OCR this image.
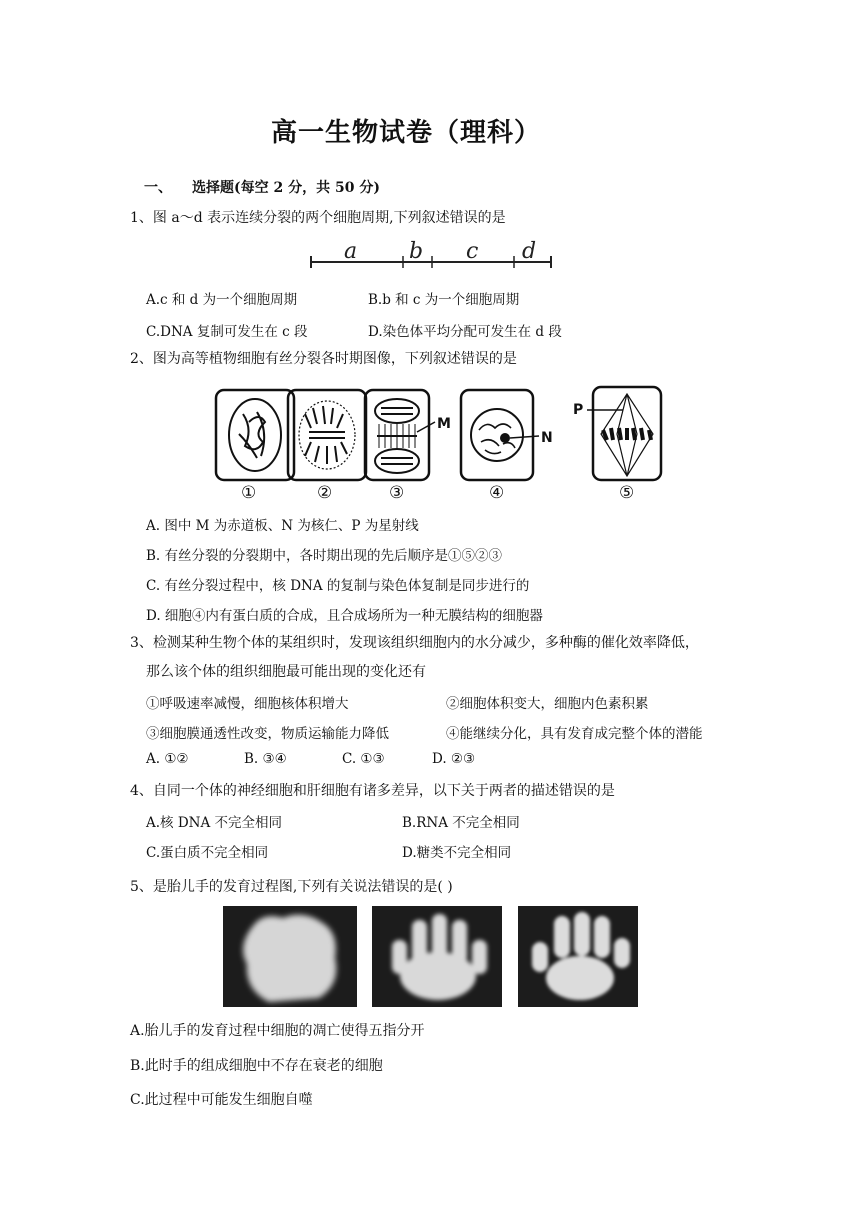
高一生物试卷（理科）
一、 选择题(每空 2 分，共 50 分)
1、图 a～d 表示连续分裂的两个细胞周期,下列叙述错误的是
a b c d
A.c 和 d 为一个细胞周期	B.b 和 c 为一个细胞周期
C.DNA 复制可发生在 c 段	D.染色体平均分配可发生在 d 段
2、图为高等植物细胞有丝分裂各时期图像，下列叙述错误的是
M
N
P
①	②	③	④	⑤
A. 图中 M 为赤道板、N 为核仁、P 为星射线
B. 有丝分裂的分裂期中，各时期出现的先后顺序是①⑤②③
C. 有丝分裂过程中，核 DNA 的复制与染色体复制是同步进行的
D. 细胞④内有蛋白质的合成，且合成场所为一种无膜结构的细胞器
3、检测某种生物个体的某组织时，发现该组织细胞内的水分减少，多种酶的催化效率降低，
那么该个体的组织细胞最可能出现的变化还有
①呼吸速率减慢，细胞核体积增大	②细胞体积变大，细胞内色素积累
③细胞膜通透性改变，物质运输能力降低	④能继续分化，具有发育成完整个体的潜能
A. ①②	B. ③④	C. ①③	D. ②③
4、自同一个体的神经细胞和肝细胞有诸多差异，以下关于两者的描述错误的是
A.核 DNA 不完全相同	B.RNA 不完全相同
C.蛋白质不完全相同	D.糖类不完全相同
5、是胎儿手的发育过程图,下列有关说法错误的是( )
A.胎儿手的发育过程中细胞的凋亡使得五指分开
B.此时手的组成细胞中不存在衰老的细胞
C.此过程中可能发生细胞自噬
